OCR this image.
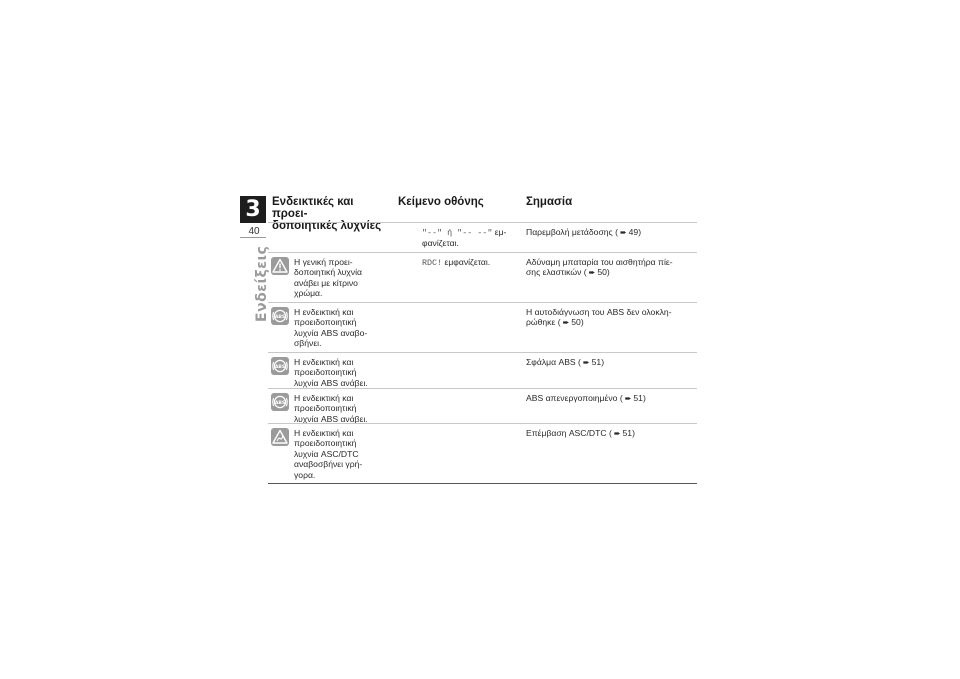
3
40
Ενδείξεις
Ενδεικτικές και προει-
δοποιητικές λυχνίες
Κείμενο οθόνης	Σημασία
"--" ή "-- --" εμ-
φανίζεται.
Παρεμβολή μετάδοσης ( ➨ 49)
Η γενική προει-
δοποιητική λυχνία
ανάβει με κίτρινο
χρώμα.
RDC! εμφανίζεται.	Αδύναμη μπαταρία του αισθητήρα πίε-
σης ελαστικών ( ➨ 50)
ABS
Η ενδεικτική και
προειδοποιητική
λυχνία ABS αναβο-
σβήνει.
Η αυτοδιάγνωση του ABS δεν ολοκλη-
ρώθηκε ( ➨ 50)
ABS
Η ενδεικτική και
προειδοποιητική
λυχνία ABS ανάβει.
Σφάλμα ABS ( ➨ 51)
ABS
Η ενδεικτική και
προειδοποιητική
λυχνία ABS ανάβει.
ABS απενεργοποιημένο ( ➨ 51)
Η ενδεικτική και
προειδοποιητική
λυχνία ASC/DTC
αναβοσβήνει γρή-
γορα.
Επέμβαση ASC/DTC ( ➨ 51)
